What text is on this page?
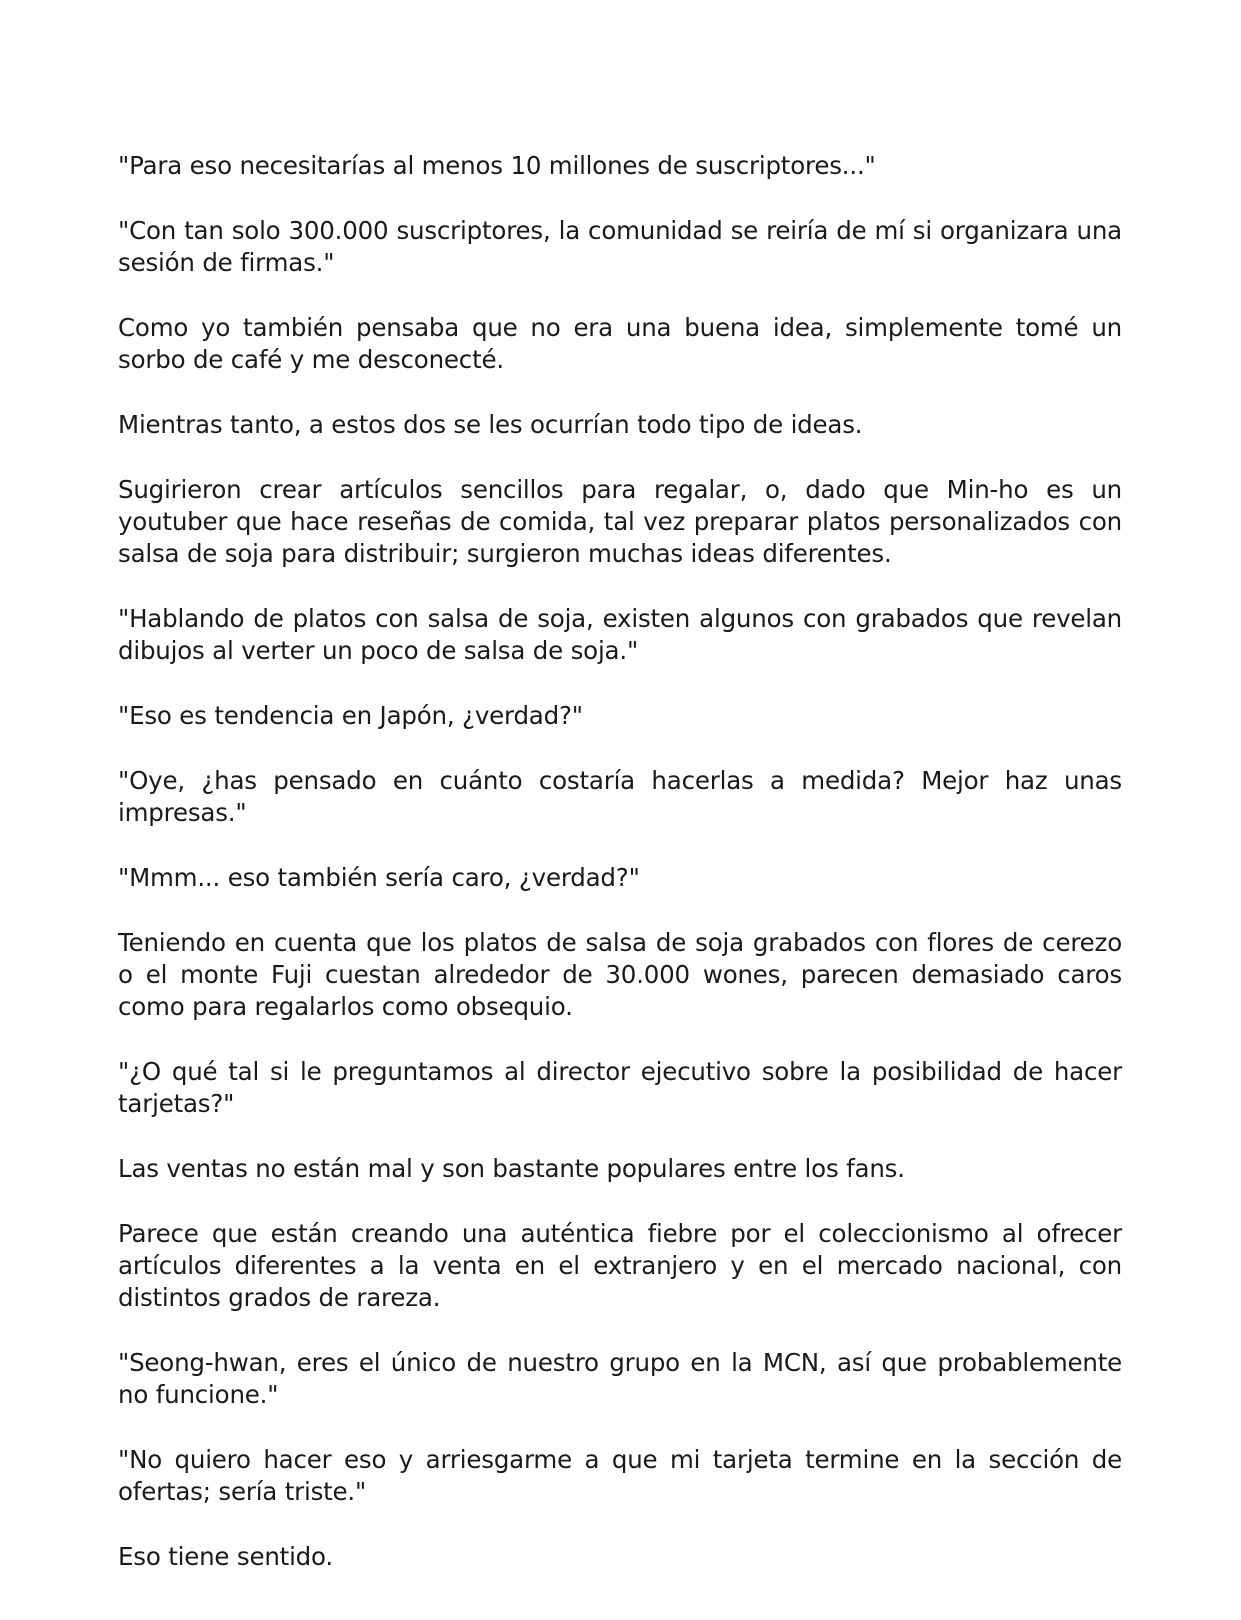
"Para eso necesitarías al menos 10 millones de suscriptores..."

"Con tan solo 300.000 suscriptores, la comunidad se reiría de mí si organizara una sesión de firmas."

Como yo también pensaba que no era una buena idea, simplemente tomé un sorbo de café y me desconecté.

Mientras tanto, a estos dos se les ocurrían todo tipo de ideas.

Sugirieron crear artículos sencillos para regalar, o, dado que Min-ho es un youtuber que hace reseñas de comida, tal vez preparar platos personalizados con salsa de soja para distribuir; surgieron muchas ideas diferentes.

"Hablando de platos con salsa de soja, existen algunos con grabados que revelan dibujos al verter un poco de salsa de soja."

"Eso es tendencia en Japón, ¿verdad?"

"Oye, ¿has pensado en cuánto costaría hacerlas a medida? Mejor haz unas impresas."

"Mmm... eso también sería caro, ¿verdad?"

Teniendo en cuenta que los platos de salsa de soja grabados con flores de cerezo o el monte Fuji cuestan alrededor de 30.000 wones, parecen demasiado caros como para regalarlos como obsequio.

"¿O qué tal si le preguntamos al director ejecutivo sobre la posibilidad de hacer tarjetas?"

Las ventas no están mal y son bastante populares entre los fans.

Parece que están creando una auténtica fiebre por el coleccionismo al ofrecer artículos diferentes a la venta en el extranjero y en el mercado nacional, con distintos grados de rareza.

"Seong-hwan, eres el único de nuestro grupo en la MCN, así que probablemente no funcione."

"No quiero hacer eso y arriesgarme a que mi tarjeta termine en la sección de ofertas; sería triste."

Eso tiene sentido.
